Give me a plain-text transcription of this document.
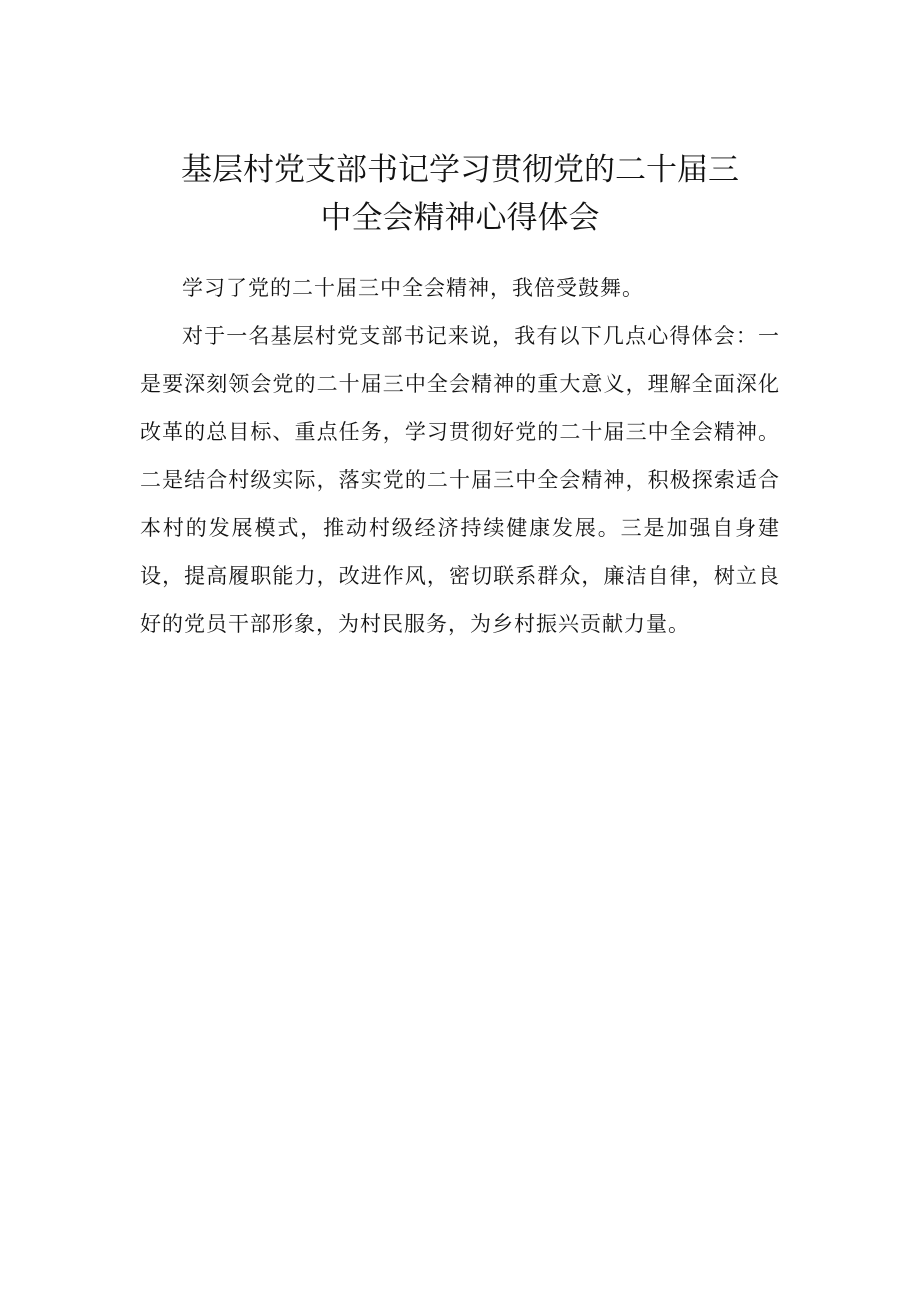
基层村党支部书记学习贯彻党的二十届三
中全会精神心得体会

学习了党的二十届三中全会精神，我倍受鼓舞。

对于一名基层村党支部书记来说，我有以下几点心得体会：一是要深刻领会党的二十届三中全会精神的重大意义，理解全面深化改革的总目标、重点任务，学习贯彻好党的二十届三中全会精神。二是结合村级实际，落实党的二十届三中全会精神，积极探索适合本村的发展模式，推动村级经济持续健康发展。三是加强自身建设，提高履职能力，改进作风，密切联系群众，廉洁自律，树立良好的党员干部形象，为村民服务，为乡村振兴贡献力量。
